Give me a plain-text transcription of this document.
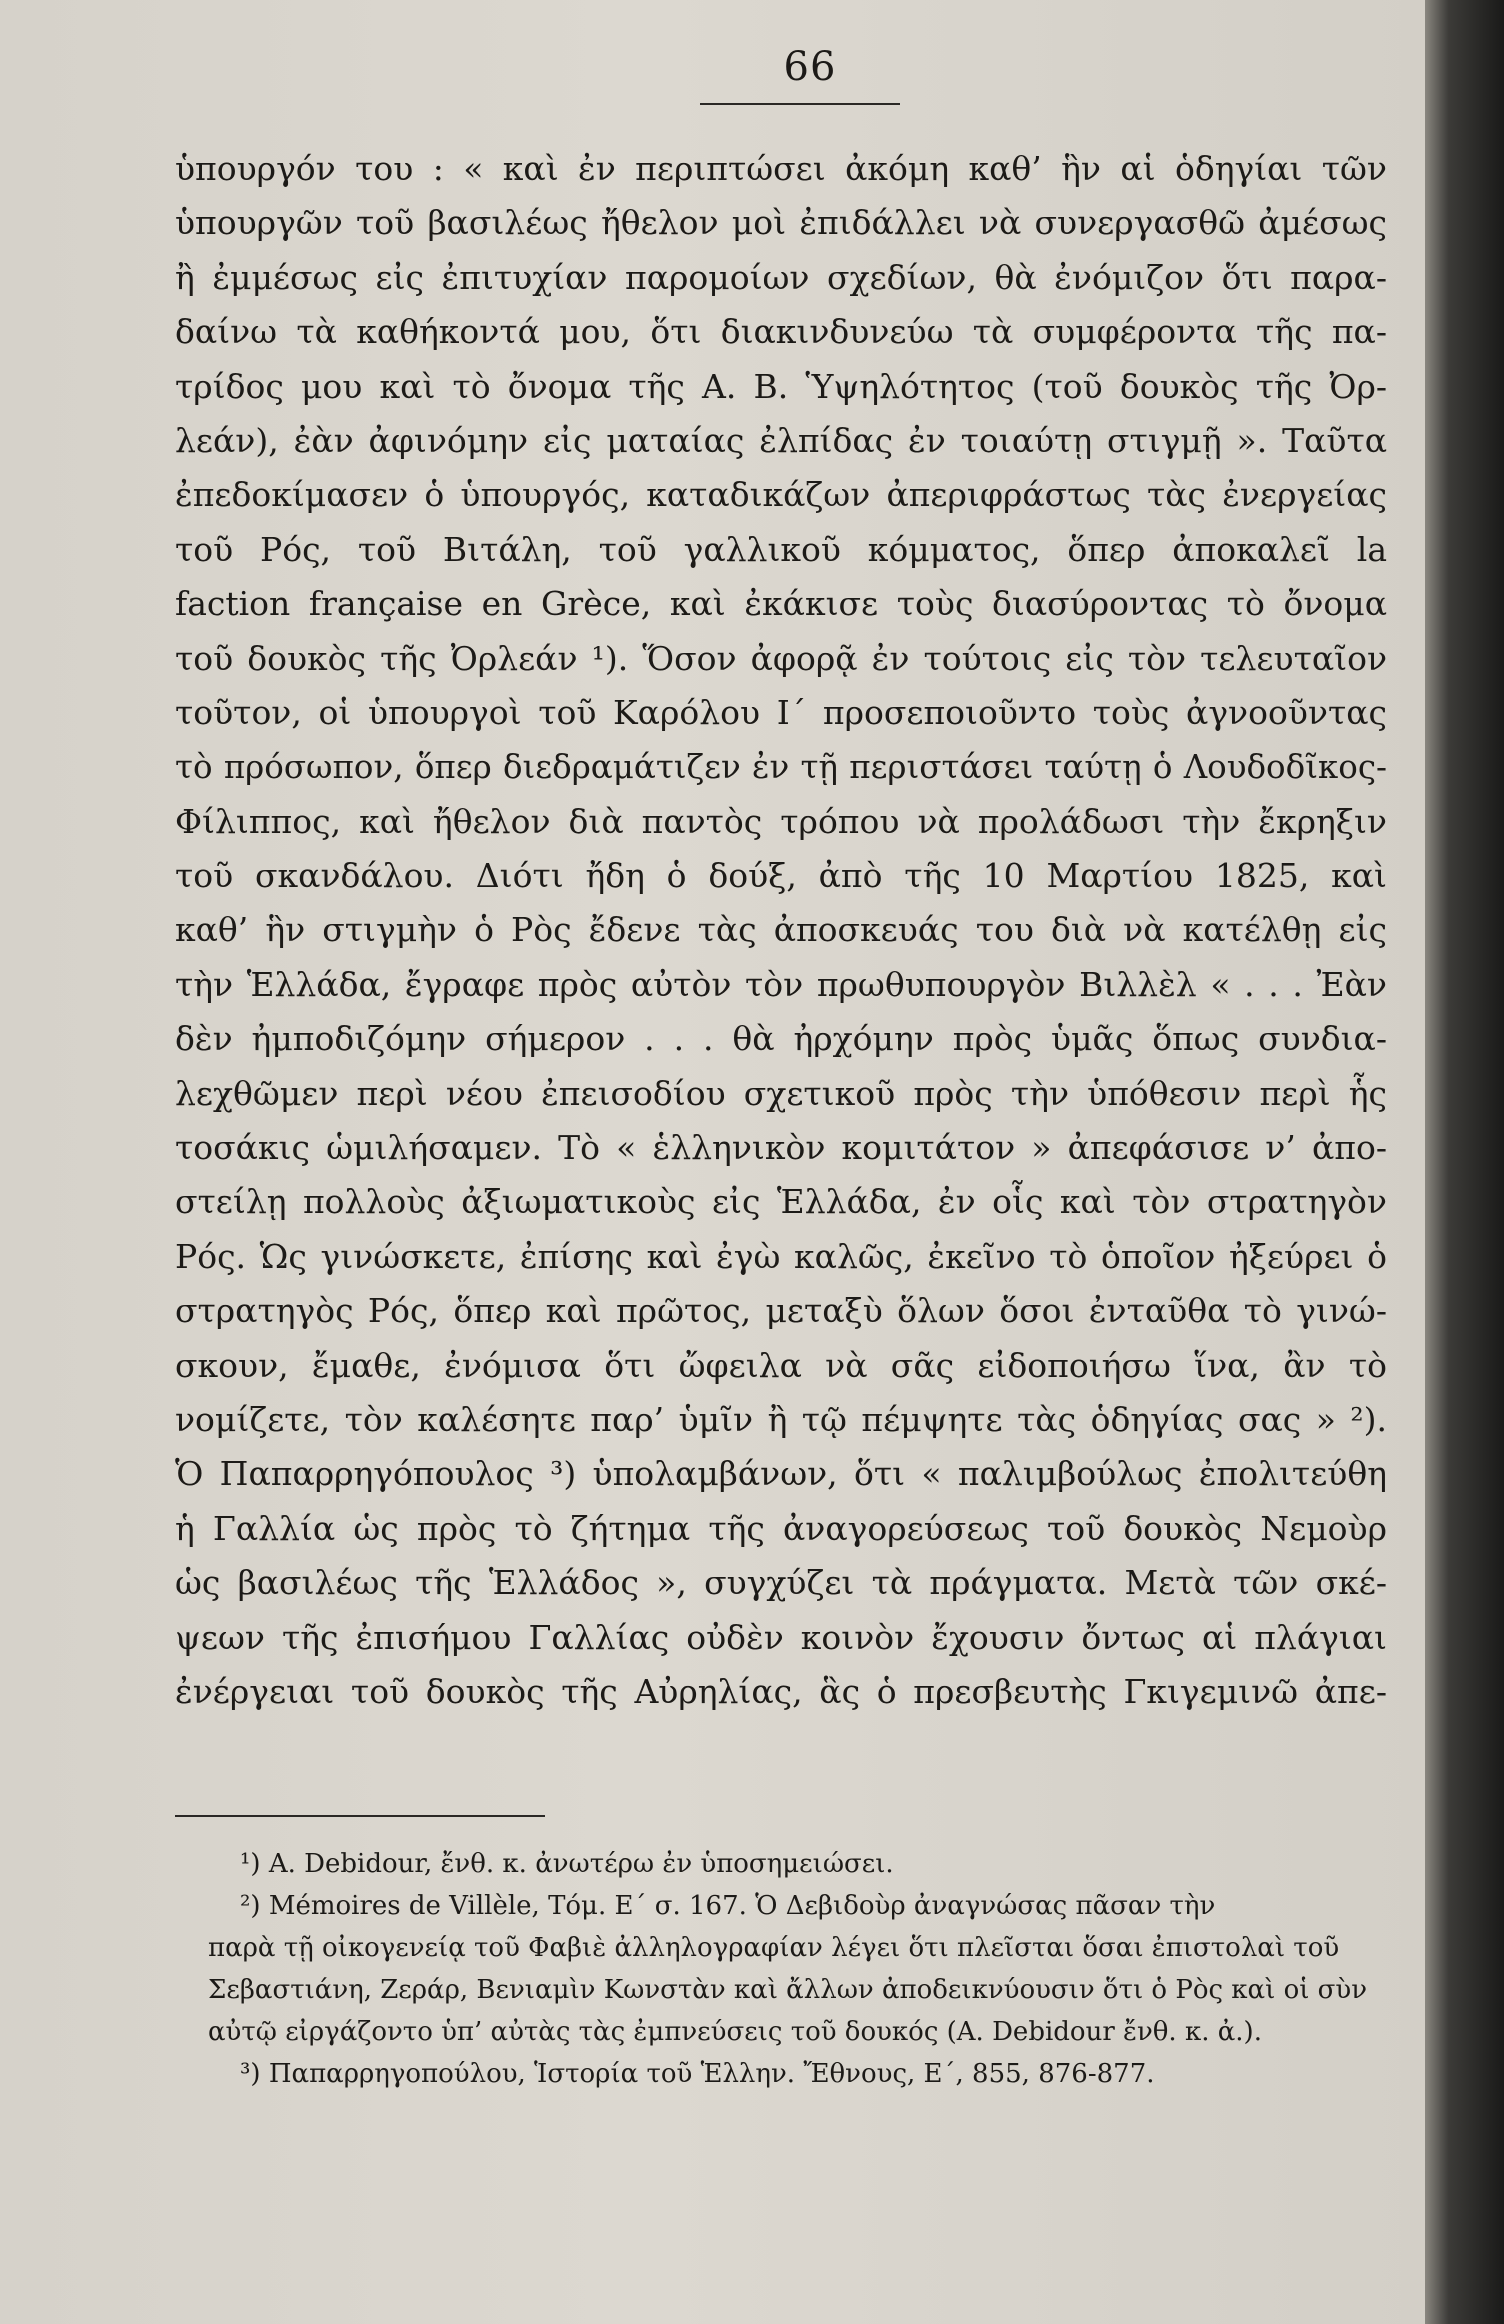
66
ὑπουργόν του : « καὶ ἐν περιπτώσει ἀκόμη καθ’ ἣν αἱ ὁδηγίαι τῶν
ὑπουργῶν τοῦ βασιλέως ἤθελον μοὶ ἐπιδάλλει νὰ συνεργασθῶ ἀμέσως
ἢ ἐμμέσως εἰς ἐπιτυχίαν παρομοίων σχεδίων, θὰ ἐνόμιζον ὅτι παρα-
δαίνω τὰ καθήκοντά μου, ὅτι διακινδυνεύω τὰ συμφέροντα τῆς πα-
τρίδος μου καὶ τὸ ὄνομα τῆς Α. Β. Ὑψηλότητος (τοῦ δουκὸς τῆς Ὀρ-
λεάν), ἐὰν ἀφινόμην εἰς ματαίας ἐλπίδας ἐν τοιαύτῃ στιγμῇ ». Ταῦτα
ἐπεδοκίμασεν ὁ ὑπουργός, καταδικάζων ἀπεριφράστως τὰς ἐνεργείας
τοῦ Ρός, τοῦ Βιτάλη, τοῦ γαλλικοῦ κόμματος, ὅπερ ἀποκαλεῖ la
faction française en Grèce, καὶ ἐκάκισε τοὺς διασύροντας τὸ ὄνομα
τοῦ δουκὸς τῆς Ὀρλεάν ¹). Ὅσον ἀφορᾷ ἐν τούτοις εἰς τὸν τελευταῖον
τοῦτον, οἱ ὑπουργοὶ τοῦ Καρόλου Ι΄ προσεποιοῦντο τοὺς ἀγνοοῦντας
τὸ πρόσωπον, ὅπερ διεδραμάτιζεν ἐν τῇ περιστάσει ταύτῃ ὁ Λουδοδῖκος-
Φίλιππος, καὶ ἤθελον διὰ παντὸς τρόπου νὰ προλάδωσι τὴν ἔκρηξιν
τοῦ σκανδάλου. Διότι ἤδη ὁ δούξ, ἀπὸ τῆς 10 Μαρτίου 1825, καὶ
καθ’ ἣν στιγμὴν ὁ Ρὸς ἔδενε τὰς ἀποσκευάς του διὰ νὰ κατέλθῃ εἰς
τὴν Ἑλλάδα, ἔγραφε πρὸς αὐτὸν τὸν πρωθυπουργὸν Βιλλὲλ « . . . Ἐὰν
δὲν ἠμποδιζόμην σήμερον . . . θὰ ἠρχόμην πρὸς ὑμᾶς ὅπως συνδια-
λεχθῶμεν περὶ νέου ἐπεισοδίου σχετικοῦ πρὸς τὴν ὑπόθεσιν περὶ ἧς
τοσάκις ὡμιλήσαμεν. Τὸ « ἑλληνικὸν κομιτάτον » ἀπεφάσισε ν’ ἀπο-
στείλῃ πολλοὺς ἀξιωματικοὺς εἰς Ἑλλάδα, ἐν οἷς καὶ τὸν στρατηγὸν
Ρός. Ὡς γινώσκετε, ἐπίσης καὶ ἐγὼ καλῶς, ἐκεῖνο τὸ ὁποῖον ἠξεύρει ὁ
στρατηγὸς Ρός, ὅπερ καὶ πρῶτος, μεταξὺ ὅλων ὅσοι ἐνταῦθα τὸ γινώ-
σκουν, ἔμαθε, ἐνόμισα ὅτι ὤφειλα νὰ σᾶς εἰδοποιήσω ἵνα, ἂν τὸ
νομίζετε, τὸν καλέσητε παρ’ ὑμῖν ἢ τῷ πέμψητε τὰς ὁδηγίας σας » ²).
Ὁ Παπαρρηγόπουλος ³) ὑπολαμβάνων, ὅτι « παλιμβούλως ἐπολιτεύθη
ἡ Γαλλία ὡς πρὸς τὸ ζήτημα τῆς ἀναγορεύσεως τοῦ δουκὸς Νεμοὺρ
ὡς βασιλέως τῆς Ἑλλάδος », συγχύζει τὰ πράγματα. Μετὰ τῶν σκέ-
ψεων τῆς ἐπισήμου Γαλλίας οὐδὲν κοινὸν ἔχουσιν ὄντως αἱ πλάγιαι
ἐνέργειαι τοῦ δουκὸς τῆς Αὐρηλίας, ἃς ὁ πρεσβευτὴς Γκιγεμινῶ ἀπε-
¹) A. Debidour, ἔνθ. κ. ἀνωτέρω ἐν ὑποσημειώσει.
²) Mémoires de Villèle, Τόμ. Ε΄ σ. 167. Ὁ Δεβιδοὺρ ἀναγνώσας πᾶσαν τὴν
παρὰ τῇ οἰκογενείᾳ τοῦ Φαβιὲ ἀλληλογραφίαν λέγει ὅτι πλεῖσται ὅσαι ἐπιστολαὶ τοῦ
Σεβαστιάνη, Ζεράρ, Βενιαμὶν Κωνστὰν καὶ ἄλλων ἀποδεικνύουσιν ὅτι ὁ Ρὸς καὶ οἱ σὺν
αὐτῷ εἰργάζοντο ὑπ’ αὐτὰς τὰς ἐμπνεύσεις τοῦ δουκός (A. Debidour ἔνθ. κ. ἀ.).
³) Παπαρρηγοπούλου, Ἱστορία τοῦ Ἑλλην. Ἔθνους, Ε΄, 855, 876-877.
